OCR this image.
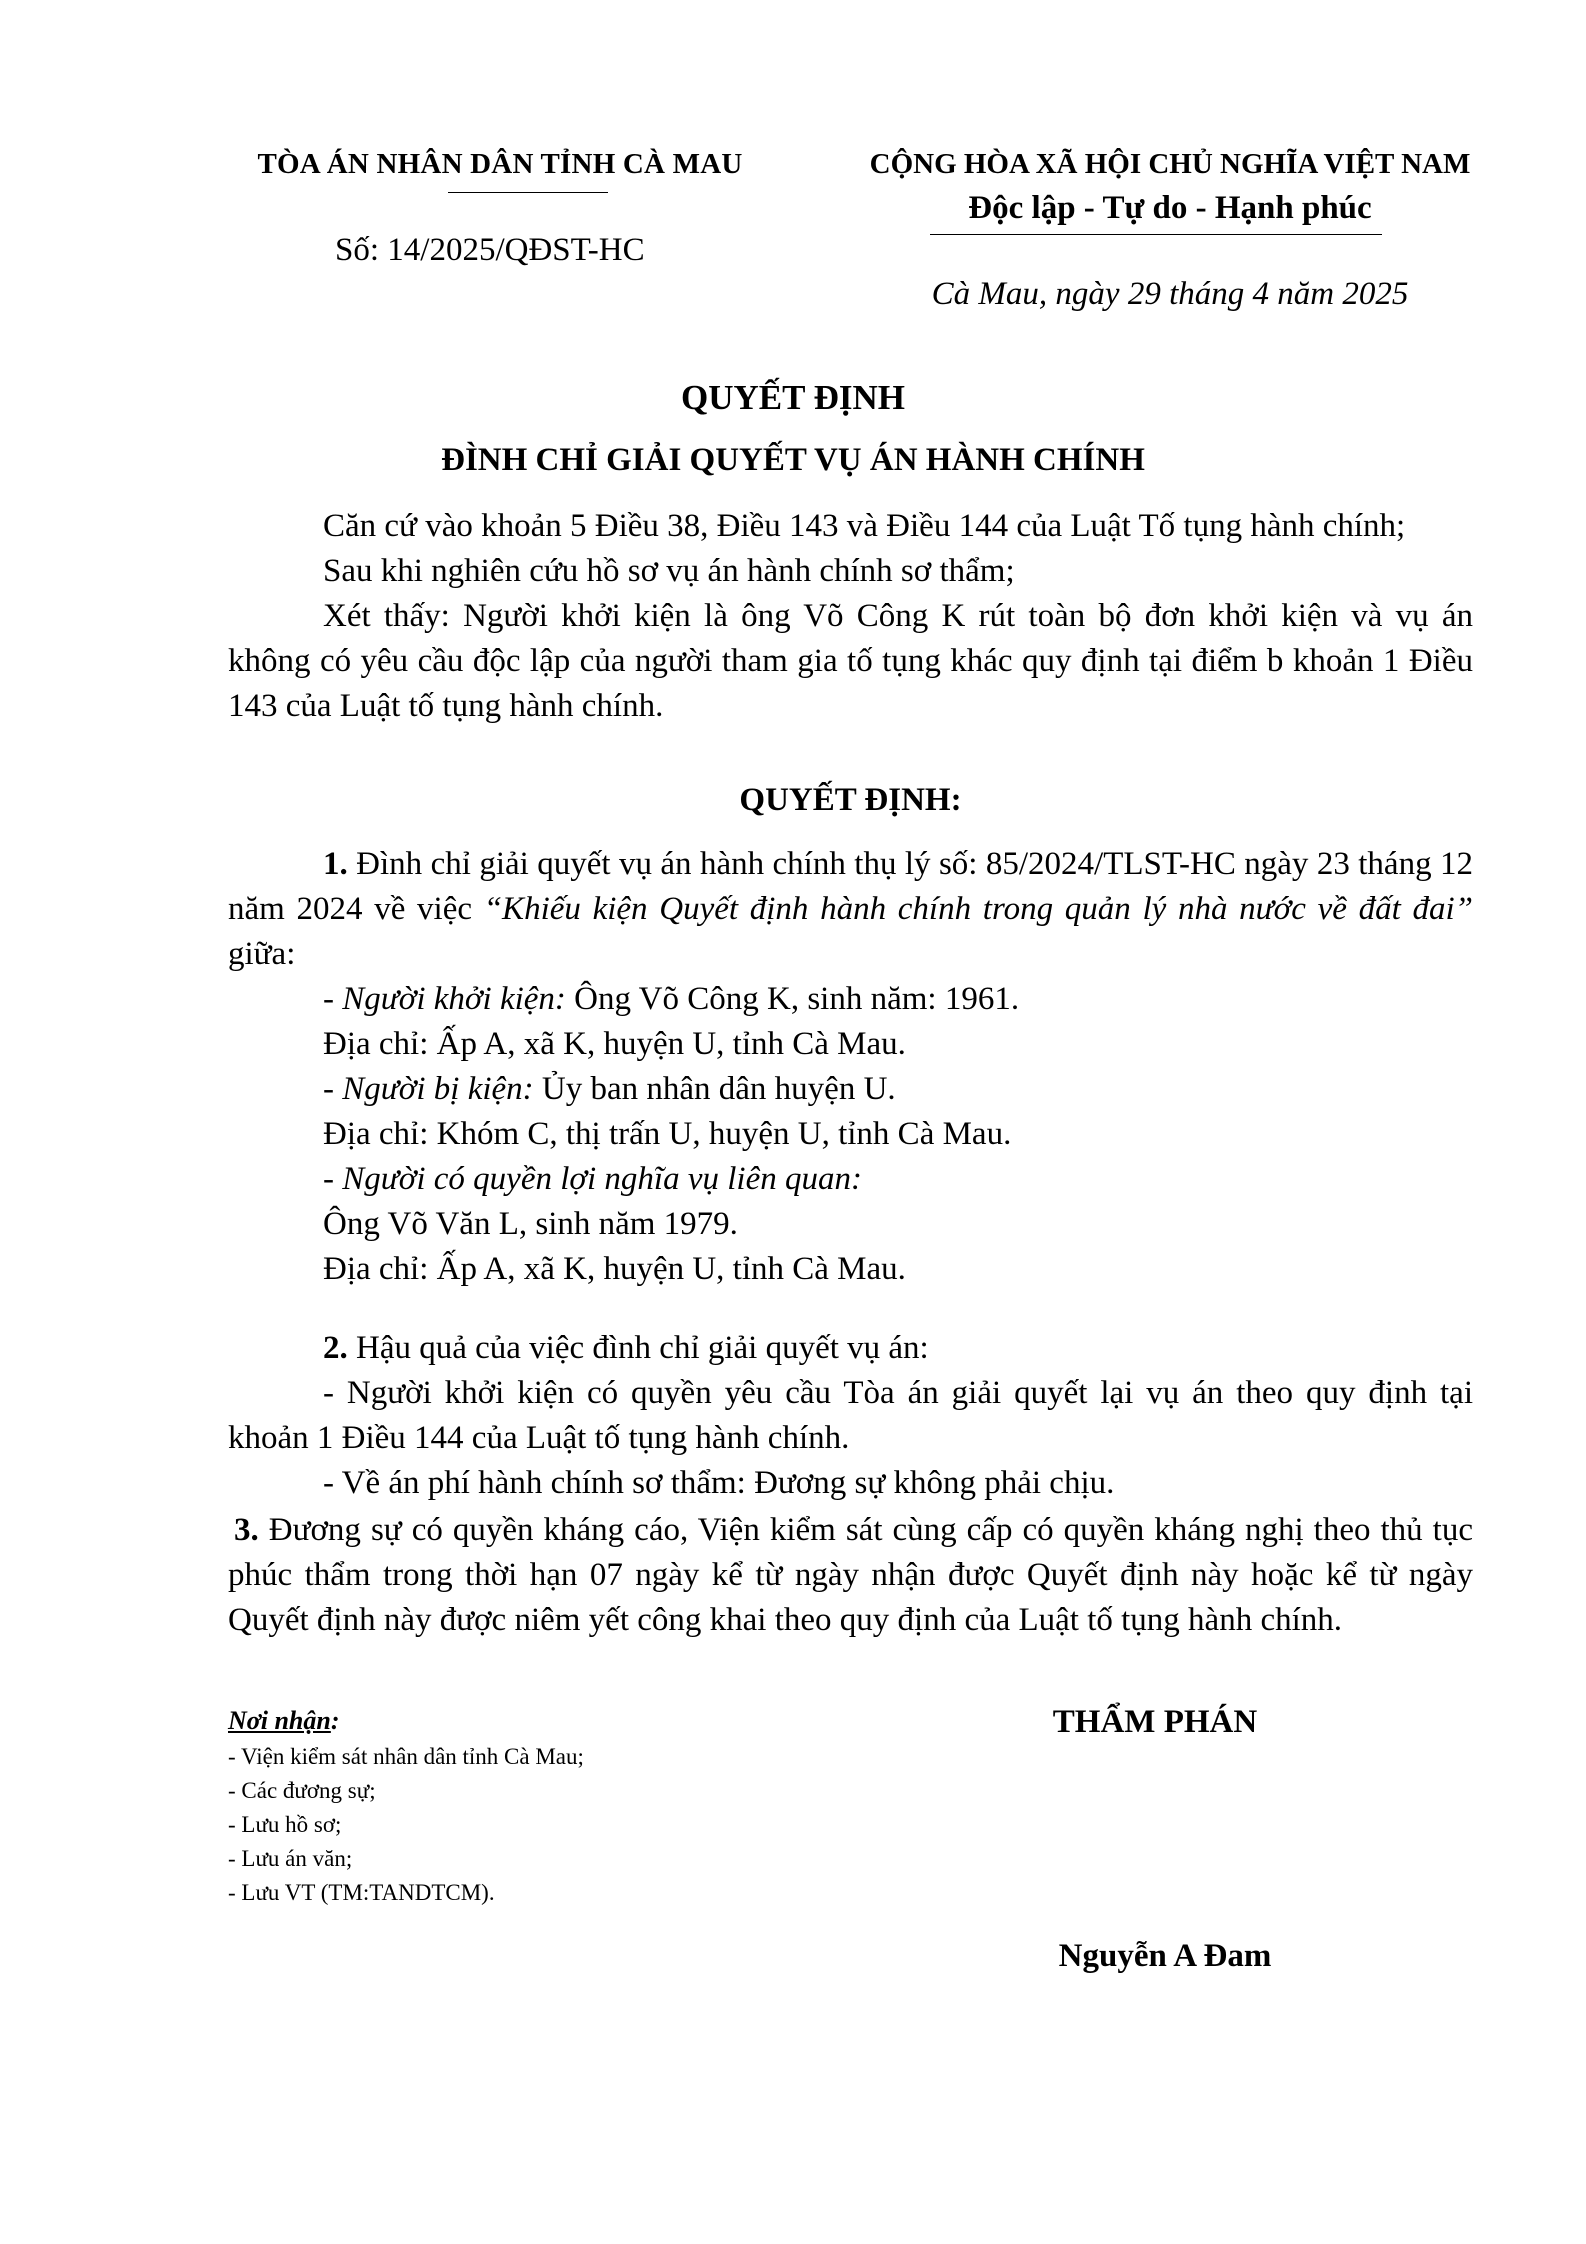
TÒA ÁN NHÂN DÂN TỈNH CÀ MAU
Số: 14/2025/QĐST-HC
CỘNG HÒA XÃ HỘI CHỦ NGHĨA VIỆT NAM
Độc lập - Tự do - Hạnh phúc
Cà Mau, ngày 29 tháng 4 năm 2025
QUYẾT ĐỊNH
ĐÌNH CHỈ GIẢI QUYẾT VỤ ÁN HÀNH CHÍNH

Căn cứ vào khoản 5 Điều 38, Điều 143 và Điều 144 của Luật Tố tụng hành chính;

Sau khi nghiên cứu hồ sơ vụ án hành chính sơ thẩm;

Xét thấy: Người khởi kiện là ông Võ Công K rút toàn bộ đơn khởi kiện và vụ án không có yêu cầu độc lập của người tham gia tố tụng khác quy định tại điểm b khoản 1 Điều 143 của Luật tố tụng hành chính.

QUYẾT ĐỊNH:

1. Đình chỉ giải quyết vụ án hành chính thụ lý số: 85/2024/TLST-HC ngày 23 tháng 12 năm 2024 về việc “Khiếu kiện Quyết định hành chính trong quản lý nhà nước về đất đai” giữa:

- Người khởi kiện: Ông Võ Công K, sinh năm: 1961.

Địa chỉ: Ấp A, xã K, huyện U, tỉnh Cà Mau.

- Người bị kiện: Ủy ban nhân dân huyện U.

Địa chỉ: Khóm C, thị trấn U, huyện U, tỉnh Cà Mau.

- Người có quyền lợi nghĩa vụ liên quan:

Ông Võ Văn L, sinh năm 1979.

Địa chỉ: Ấp A, xã K, huyện U, tỉnh Cà Mau.

2. Hậu quả của việc đình chỉ giải quyết vụ án:

- Người khởi kiện có quyền yêu cầu Tòa án giải quyết lại vụ án theo quy định tại khoản 1 Điều 144 của Luật tố tụng hành chính.

- Về án phí hành chính sơ thẩm: Đương sự không phải chịu.

3. Đương sự có quyền kháng cáo, Viện kiểm sát cùng cấp có quyền kháng nghị theo thủ tục phúc thẩm trong thời hạn 07 ngày kể từ ngày nhận được Quyết định này hoặc kể từ ngày Quyết định này được niêm yết công khai theo quy định của Luật tố tụng hành chính.

Nơi nhận:
- Viện kiểm sát nhân dân tỉnh Cà Mau;
- Các đương sự;
- Lưu hồ sơ;
- Lưu án văn;
- Lưu VT (TM:TANDTCM).
THẨM PHÁN
Nguyễn A Đam
